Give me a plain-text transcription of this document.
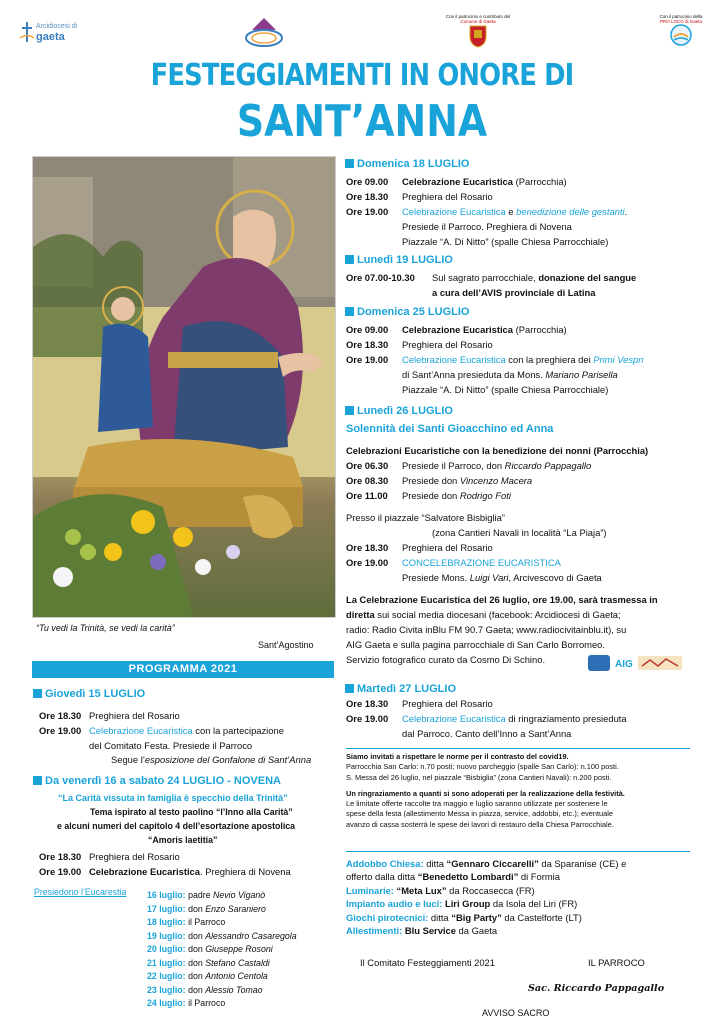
Arcidiocesi di
gaeta
Con il patrocinio e contributo del
Comune di Gaeta
Con il patrocinio della
PRO LOCO di Gaeta
FESTEGGIAMENTI IN ONORE DI
SANT’ANNA
“Tu vedi la Trinità, se vedi la carità”
Sant’Agostino
PROGRAMMA 2021
Giovedì 15 LUGLIO
Ore 18.30 Preghiera del Rosario
Ore 19.00 Celebrazione Eucaristica con la partecipazione
del Comitato Festa. Presiede il Parroco
Segue l’esposizione del Gonfalone di Sant’Anna
Da venerdì 16 a sabato 24 LUGLIO - NOVENA
“La Carità vissuta in famiglia è specchio della Trinità”
Tema ispirato al testo paolino “l’Inno alla Carità”
e alcuni numeri del capitolo 4 dell’esortazione apostolica
“Amoris laetitia”
Ore 18.30 Preghiera del Rosario
Ore 19.00 Celebrazione Eucaristica. Preghiera di Novena
Presiedono l’Eucarestia 16 luglio: padre Nevio Viganò
17 luglio: don Enzo Saraniero
18 luglio: il Parroco
19 luglio: don Alessandro Casaregola
20 luglio: don Giuseppe Rosoni
21 luglio: don Stefano Castaldi
22 luglio: don Antonio Centola
23 luglio: don Alessio Tomao
24 luglio: il Parroco
Domenica 18 LUGLIO
Ore 09.00 Celebrazione Eucaristica (Parrocchia)
Ore 18.30 Preghiera del Rosario
Ore 19.00 Celebrazione Eucaristica e benedizione delle gestanti.
Presiede il Parroco. Preghiera di Novena
Piazzale “A. Di Nitto” (spalle Chiesa Parrocchiale)
Lunedì 19 LUGLIO
Ore 07.00-10.30 Sul sagrato parrocchiale, donazione del sangue
a cura dell’AVIS provinciale di Latina
Domenica 25 LUGLIO
Ore 09.00 Celebrazione Eucaristica (Parrocchia)
Ore 18.30 Preghiera del Rosario
Ore 19.00 Celebrazione Eucaristica con la preghiera dei Primi Vespri
di Sant’Anna presieduta da Mons. Mariano Parisella
Piazzale “A. Di Nitto” (spalle Chiesa Parrocchiale)
Lunedì 26 LUGLIO
Solennità dei Santi Gioacchino ed Anna
Celebrazioni Eucaristiche con la benedizione dei nonni (Parrocchia)
Ore 06.30 Presiede il Parroco, don Riccardo Pappagallo
Ore 08.30 Presiede don Vincenzo Macera
Ore 11.00 Presiede don Rodrigo Foti
Presso il piazzale “Salvatore Bisbiglia”
(zona Cantieri Navali in località “La Piaja”)
Ore 18.30 Preghiera del Rosario
Ore 19.00 CONCELEBRAZIONE EUCARISTICA
Presiede Mons. Luigi Vari, Arcivescovo di Gaeta
La Celebrazione Eucaristica del 26 luglio, ore 19.00, sarà trasmessa in
diretta sui social media diocesani (facebook: Arcidiocesi di Gaeta;
radio: Radio Civita inBlu FM 90.7 Gaeta; www.radiocivitainblu.it), su
AIG Gaeta e sulla pagina parrocchiale di San Carlo Borromeo.
Servizio fotografico curato da Cosmo Di Schino.	AIG
Martedì 27 LUGLIO
Ore 18.30 Preghiera del Rosario
Ore 19.00 Celebrazione Eucaristica di ringraziamento presieduta
dal Parroco. Canto dell’Inno a Sant’Anna
Siamo invitati a rispettare le norme per il contrasto del covid19.
Parrocchia San Carlo: n.70 posti; nuovo parcheggio (spalle San Carlo): n.100 posti.
S. Messa del 26 luglio, nel piazzale “Bisbiglia” (zona Cantieri Navali): n.200 posti.
Un ringraziamento a quanti si sono adoperati per la realizzazione della festività.
Le limitate offerte raccolte tra maggio e luglio saranno utilizzate per sostenere le
spese della festa (allestimento Messa in piazza, service, addobbi, etc.); eventuale
avanzo di cassa sosterrà le spese dei lavori di restauro della Chiesa Parrocchiale.
Addobbo Chiesa: ditta “Gennaro Ciccarelli” da Sparanise (CE) e
offerto dalla ditta “Benedetto Lombardi” di Formia
Luminarie: “Meta Lux” da Roccasecca (FR)
Impianto audio e luci: Liri Group da Isola del Liri (FR)
Giochi pirotecnici: ditta “Big Party” da Castelforte (LT)
Allestimenti: Blu Service da Gaeta
Il Comitato Festeggiamenti 2021	IL PARROCO
Sac. Riccardo Pappagallo
AVVISO SACRO
